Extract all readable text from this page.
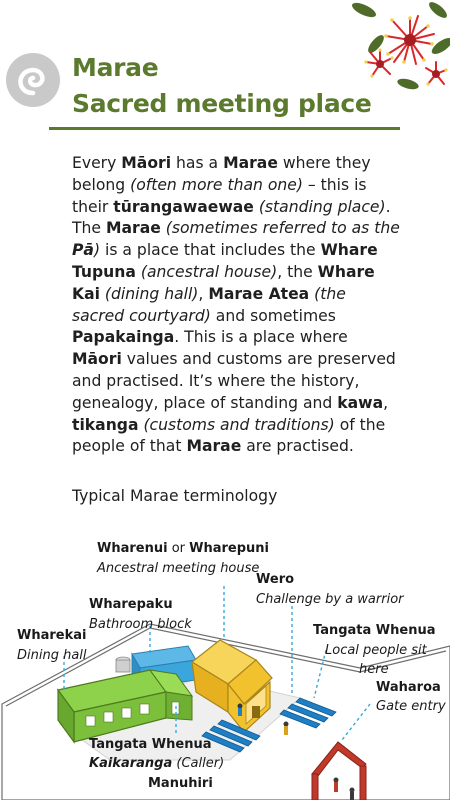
Marae
Sacred meeting place

Every Māori has a Marae where they belong (often more than one) – this is their tūrangawaewae (standing place). The Marae (sometimes referred to as the Pā) is a place that includes the Whare Tupuna (ancestral house), the Whare Kai (dining hall), Marae Atea (the sacred courtyard) and sometimes Papakainga. This is a place where Māori values and customs are preserved and practised. It’s where the history, genealogy, place of standing and kawa, tikanga (customs and traditions) of the people of that Marae are practised.

Typical Marae terminology

Wharenui or Wharepuni
Ancestral meeting house
Wero
Challenge by a warrior
Wharepaku
Bathroom block	Tangata Whenua
Local people sit
here
Wharekai
Dining hall
Waharoa
Gate entry
Tangata Whenua
Kaikaranga (Caller)
Manuhiri
